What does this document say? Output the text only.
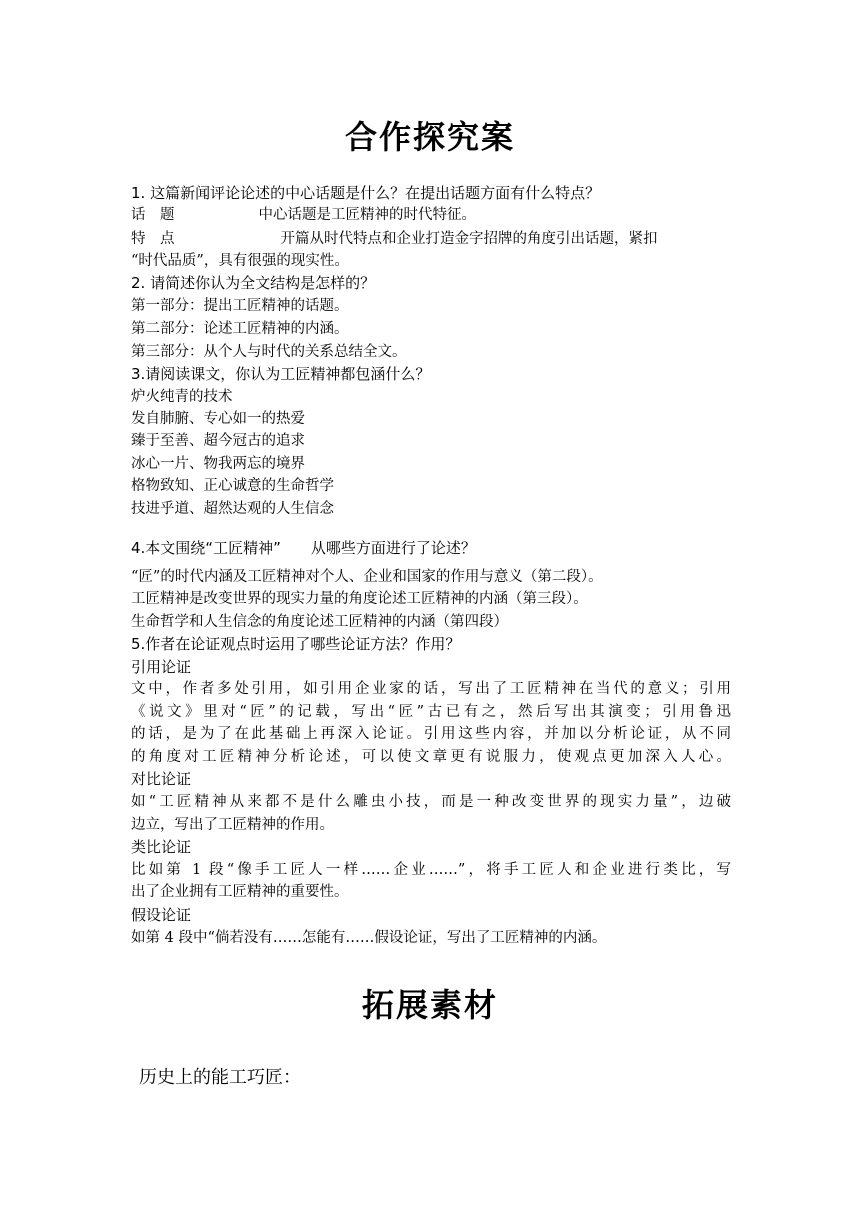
合作探究案
1. 这篇新闻评论论述的中心话题是什么？在提出话题方面有什么特点？
话　题	中心话题是工匠精神的时代特征。
特　点	开篇从时代特点和企业打造金字招牌的角度引出话题，紧扣
“时代品质”，具有很强的现实性。
2. 请简述你认为全文结构是怎样的？
第一部分：提出工匠精神的话题。
第二部分：论述工匠精神的内涵。
第三部分：从个人与时代的关系总结全文。
3.请阅读课文，你认为工匠精神都包涵什么？
炉火纯青的技术
发自肺腑、专心如一的热爱
臻于至善、超今冠古的追求
冰心一片、物我两忘的境界
格物致知、正心诚意的生命哲学
技进乎道、超然达观的人生信念
4.本文围绕“工匠精神” 从哪些方面进行了论述？
“匠”的时代内涵及工匠精神对个人、企业和国家的作用与意义（第二段）。
工匠精神是改变世界的现实力量的角度论述工匠精神的内涵（第三段）。
生命哲学和人生信念的角度论述工匠精神的内涵（第四段）
5.作者在论证观点时运用了哪些论证方法？作用？
引用论证
文中，作者多处引用，如引用企业家的话，写出了工匠精神在当代的意义；引用
《说文》里对“匠”的记载，写出“匠”古已有之，然后写出其演变；引用鲁迅
的话，是为了在此基础上再深入论证。引用这些内容，并加以分析论证，从不同
的角度对工匠精神分析论述，可以使文章更有说服力，使观点更加深入人心。
对比论证
如“工匠精神从来都不是什么雕虫小技，而是一种改变世界的现实力量”，边破
边立，写出了工匠精神的作用。
类比论证
比如第 1 段“像手工匠人一样……企业……”，将手工匠人和企业进行类比，写
出了企业拥有工匠精神的重要性。
假设论证
如第 4 段中“倘若没有……怎能有……假设论证，写出了工匠精神的内涵。
拓展素材
历史上的能工巧匠：
